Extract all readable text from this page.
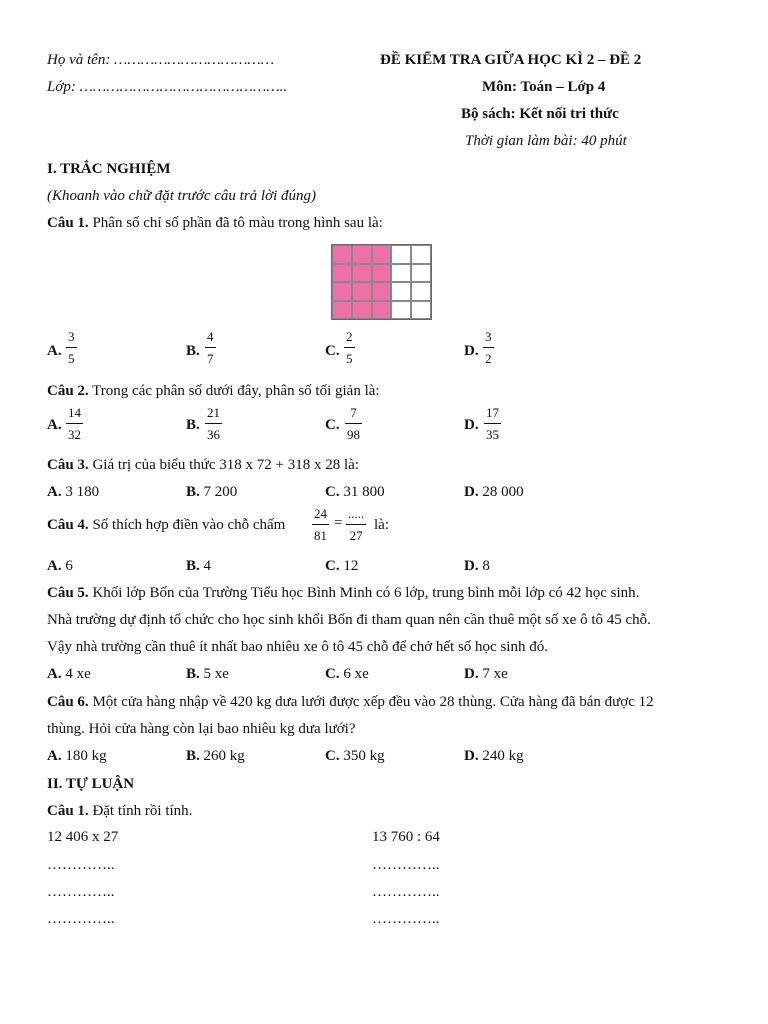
Họ và tên: ………………………………
Lớp: ………………………………………..
ĐỀ KIỂM TRA GIỮA HỌC KÌ 2 – ĐỀ 2
Môn: Toán – Lớp 4
Bộ sách: Kết nối tri thức
Thời gian làm bài: 40 phút
I. TRẮC NGHIỆM
(Khoanh vào chữ đặt trước câu trả lời đúng)
Câu 1. Phân số chỉ số phần đã tô màu trong hình sau là:
A.
3
5	B.
4
7	C.
2
5	D.
3
2
Câu 2. Trong các phân số dưới đây, phân số tối giản là:
A.
14
32
B.
21
36
C.
7
98
D.
17
35
Câu 3. Giá trị của biểu thức 318 x 72 + 318 x 28 là:
A. 3 180	B. 7 200	C. 31 800	D. 28 000
Câu 4. Số thích hợp điền vào chỗ chấm
24
81
=
.....
27
là:
A. 6	B. 4	C. 12	D. 8
Câu 5. Khối lớp Bốn của Trường Tiểu học Bình Minh có 6 lớp, trung bình mỗi lớp có 42 học sinh.
Nhà trường dự định tổ chức cho học sinh khối Bốn đi tham quan nên cần thuê một số xe ô tô 45 chỗ.
Vậy nhà trường cần thuê ít nhất bao nhiêu xe ô tô 45 chỗ để chở hết số học sinh đó.
A. 4 xe	B. 5 xe	C. 6 xe	D. 7 xe
Câu 6. Một cửa hàng nhập về 420 kg dưa lưới được xếp đều vào 28 thùng. Cửa hàng đã bán được 12
thùng. Hỏi cửa hàng còn lại bao nhiêu kg dưa lưới?
A. 180 kg	B. 260 kg	C. 350 kg	D. 240 kg
II. TỰ LUẬN
Câu 1. Đặt tính rồi tính.
12 406 x 27	13 760 : 64
…………..	…………..
…………..	…………..
…………..	…………..
